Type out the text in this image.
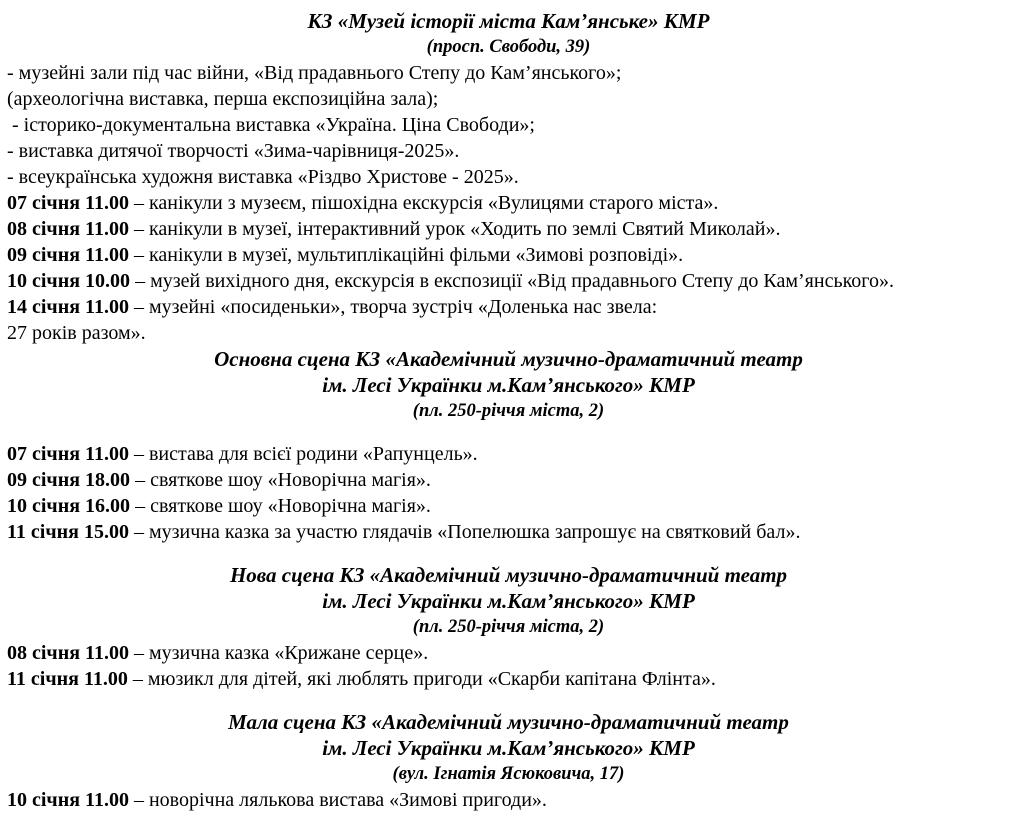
КЗ «Музей історії міста Кам’янське» КМР
(просп. Свободи, 39)
- музейні зали під час війни, «Від прадавнього Степу до Кам’янського»;
(археологічна виставка, перша експозиційна зала);
- історико-документальна виставка «Україна. Ціна Свободи»;
- виставка дитячої творчості «Зима-чарівниця-2025».
- всеукраїнська художня виставка «Різдво Христове - 2025».
07 січня 11.00 – канікули з музеєм, пішохідна екскурсія «Вулицями старого міста».
08 січня 11.00 – канікули в музеї, інтерактивний урок «Ходить по землі Святий Миколай».
09 січня 11.00 – канікули в музеї, мультиплікаційні фільми «Зимові розповіді».
10 січня 10.00 – музей вихідного дня, екскурсія в експозиції «Від прадавнього Степу до Кам’янського».
14 січня 11.00 – музейні «посиденьки», творча зустріч «Доленька нас звела:
27 років разом».
Основна сцена КЗ «Академічний музично-драматичний театр
ім. Лесі Українки м.Кам’янського» КМР
(пл. 250-річчя міста, 2)
07 січня 11.00 – вистава для всієї родини «Рапунцель».
09 січня 18.00 – святкове шоу «Новорічна магія».
10 січня 16.00 – святкове шоу «Новорічна магія».
11 січня 15.00 – музична казка за участю глядачів «Попелюшка запрошує на святковий бал».
Нова сцена КЗ «Академічний музично-драматичний театр
ім. Лесі Українки м.Кам’янського» КМР
(пл. 250-річчя міста, 2)
08 січня 11.00 – музична казка «Крижане серце».
11 січня 11.00 – мюзикл для дітей, які люблять пригоди «Скарби капітана Флінта».
Мала сцена КЗ «Академічний музично-драматичний театр
ім. Лесі Українки м.Кам’янського» КМР
(вул. Ігнатія Ясюковича, 17)
10 січня 11.00 – новорічна лялькова вистава «Зимові пригоди».
